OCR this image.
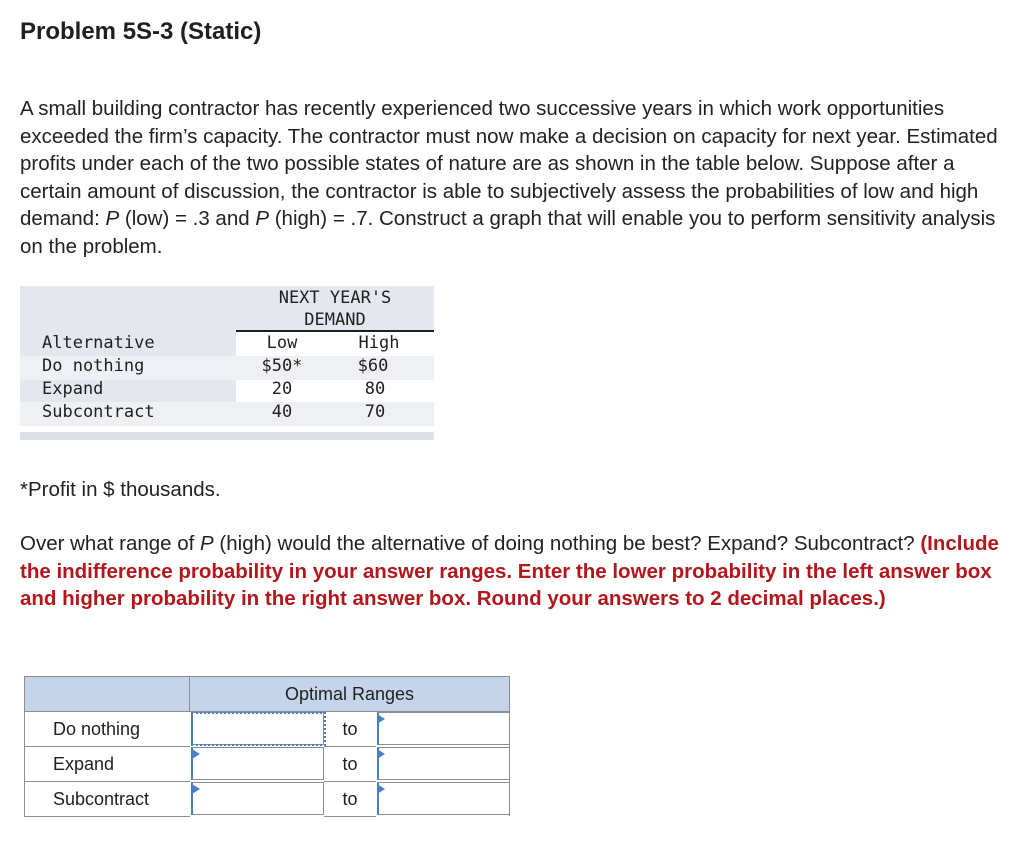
Problem 5S-3 (Static)
A small building contractor has recently experienced two successive years in which work opportunities exceeded the firm’s capacity. The contractor must now make a decision on capacity for next year. Estimated profits under each of the two possible states of nature are as shown in the table below. Suppose after a certain amount of discussion, the contractor is able to subjectively assess the probabilities of low and high demand: P (low) = .3 and P (high) = .7. Construct a graph that will enable you to perform sensitivity analysis on the problem.
NEXT YEAR'S
DEMAND
Alternative	Low	High
Do nothing	$50*	$60
Expand	20	80
Subcontract	40	70
*Profit in $ thousands.
Over what range of P (high) would the alternative of doing nothing be best? Expand? Subcontract? (Include the indifference probability in your answer ranges. Enter the lower probability in the left answer box and higher probability in the right answer box. Round your answers to 2 decimal places.)
Optimal Ranges
Do nothing	to
Expand	to
Subcontract	to
